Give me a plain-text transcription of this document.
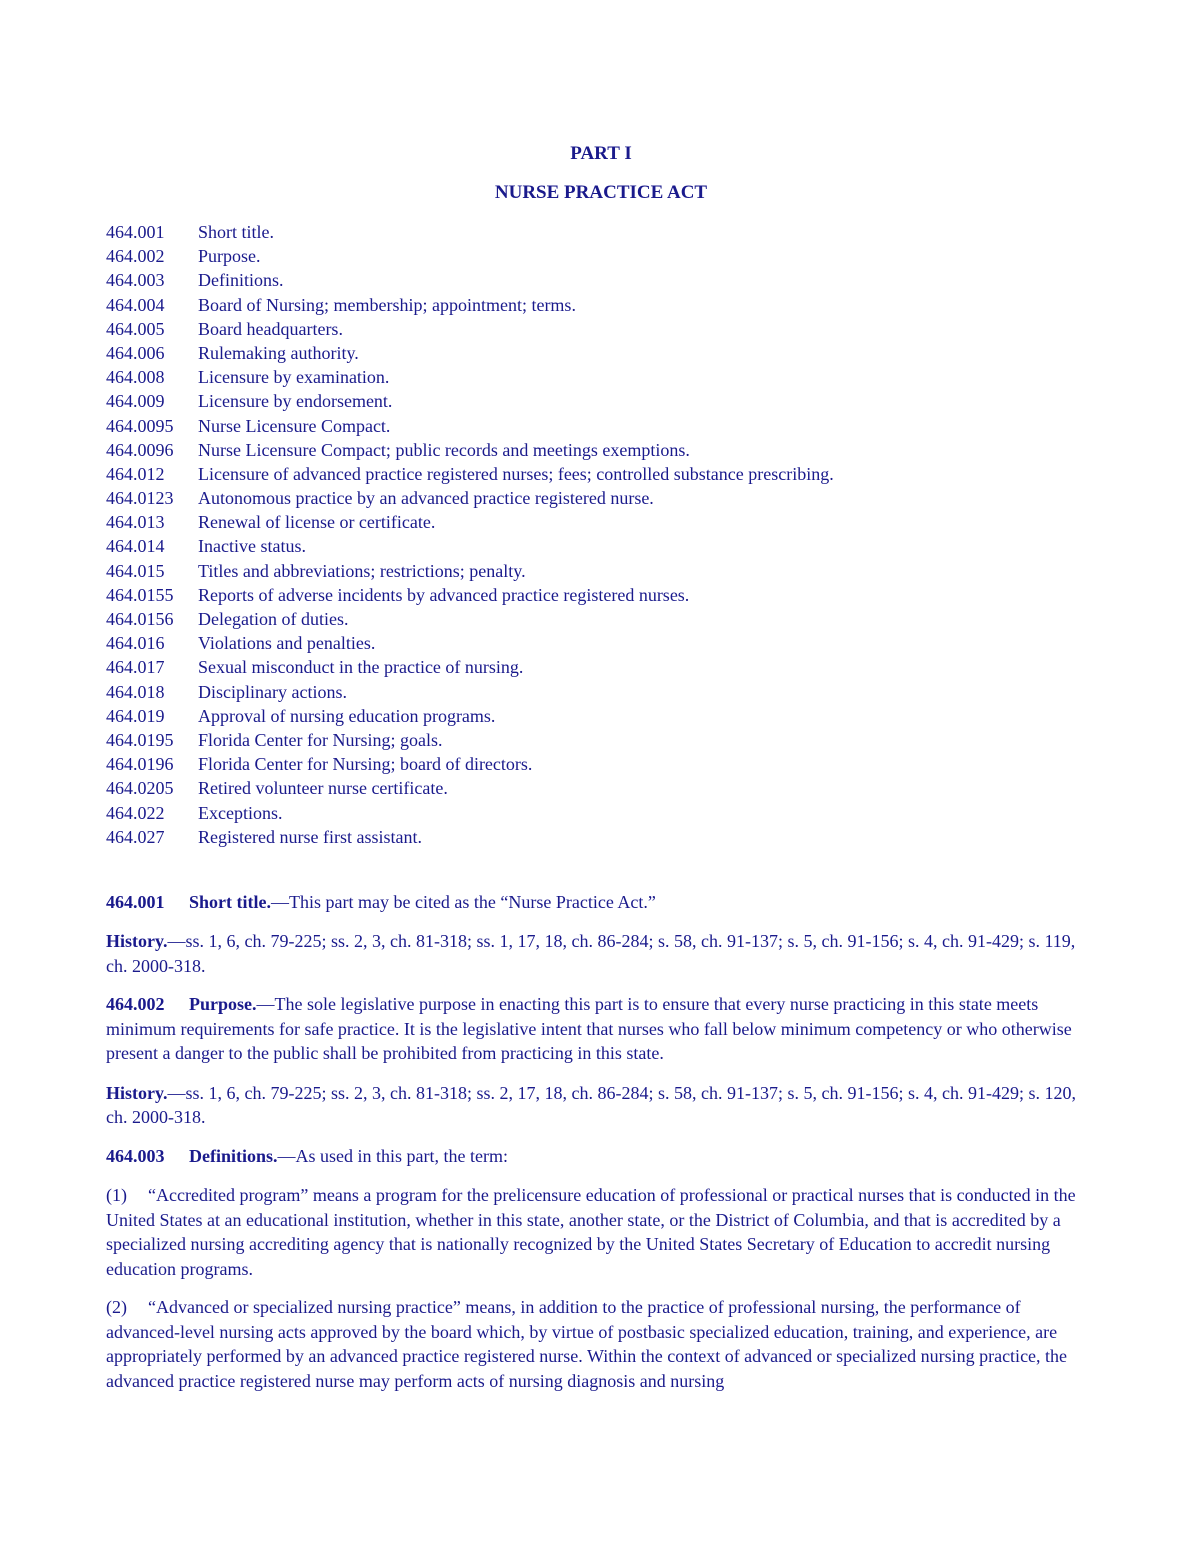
PART I
NURSE PRACTICE ACT
464.001	Short title.
464.002	Purpose.
464.003	Definitions.
464.004	Board of Nursing; membership; appointment; terms.
464.005	Board headquarters.
464.006	Rulemaking authority.
464.008	Licensure by examination.
464.009	Licensure by endorsement.
464.0095	Nurse Licensure Compact.
464.0096	Nurse Licensure Compact; public records and meetings exemptions.
464.012	Licensure of advanced practice registered nurses; fees; controlled substance prescribing.
464.0123	Autonomous practice by an advanced practice registered nurse.
464.013	Renewal of license or certificate.
464.014	Inactive status.
464.015	Titles and abbreviations; restrictions; penalty.
464.0155	Reports of adverse incidents by advanced practice registered nurses.
464.0156	Delegation of duties.
464.016	Violations and penalties.
464.017	Sexual misconduct in the practice of nursing.
464.018	Disciplinary actions.
464.019	Approval of nursing education programs.
464.0195	Florida Center for Nursing; goals.
464.0196	Florida Center for Nursing; board of directors.
464.0205	Retired volunteer nurse certificate.
464.022	Exceptions.
464.027	Registered nurse first assistant.

464.001 Short title.—This part may be cited as the “Nurse Practice Act.”

History.—ss. 1, 6, ch. 79-225; ss. 2, 3, ch. 81-318; ss. 1, 17, 18, ch. 86-284; s. 58, ch. 91-137; s. 5, ch. 91-156; s. 4, ch. 91-429; s. 119, ch. 2000-318.

464.002 Purpose.—The sole legislative purpose in enacting this part is to ensure that every nurse practicing in this state meets minimum requirements for safe practice. It is the legislative intent that nurses who fall below minimum competency or who otherwise present a danger to the public shall be prohibited from practicing in this state.

History.—ss. 1, 6, ch. 79-225; ss. 2, 3, ch. 81-318; ss. 2, 17, 18, ch. 86-284; s. 58, ch. 91-137; s. 5, ch. 91-156; s. 4, ch. 91-429; s. 120, ch. 2000-318.

464.003 Definitions.—As used in this part, the term:

(1) “Accredited program” means a program for the prelicensure education of professional or practical nurses that is conducted in the United States at an educational institution, whether in this state, another state, or the District of Columbia, and that is accredited by a specialized nursing accrediting agency that is nationally recognized by the United States Secretary of Education to accredit nursing education programs.

(2) “Advanced or specialized nursing practice” means, in addition to the practice of professional nursing, the performance of advanced-level nursing acts approved by the board which, by virtue of postbasic specialized education, training, and experience, are appropriately performed by an advanced practice registered nurse. Within the context of advanced or specialized nursing practice, the advanced practice registered nurse may perform acts of nursing diagnosis and nursing
